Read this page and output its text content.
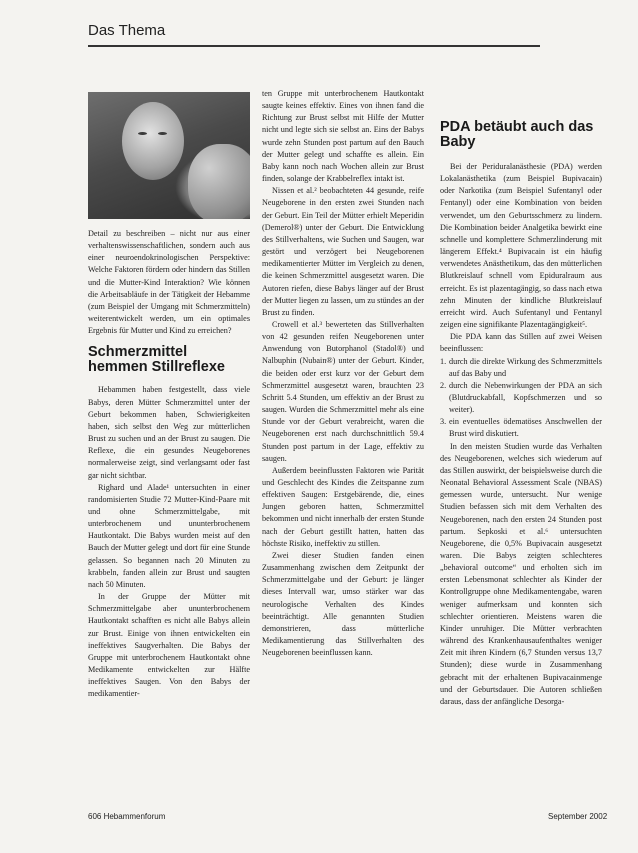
Das Thema

Detail zu beschreiben – nicht nur aus einer verhaltenswissenschaftlichen, sondern auch aus einer neuroendokrinologischen Perspektive: Welche Faktoren fördern oder hindern das Stillen und die Mutter-Kind Interaktion? Wie können die Arbeitsabläufe in der Tätigkeit der Hebamme (zum Beispiel der Umgang mit Schmerzmitteln) weiterentwickelt werden, um ein optimales Ergebnis für Mutter und Kind zu erreichen?

Schmerzmittel hemmen Stillreflexe

Hebammen haben festgestellt, dass viele Babys, deren Mütter Schmerzmittel unter der Geburt bekommen haben, Schwierigkeiten haben, sich selbst den Weg zur mütterlichen Brust zu suchen und an der Brust zu saugen. Die Reflexe, die ein gesundes Neugeborenes normalerweise zeigt, sind verlangsamt oder fast gar nicht sichtbar.

Righard und Alade¹ untersuchten in einer randomisierten Studie 72 Mutter-Kind-Paare mit und ohne Schmerzmittelgabe, mit unterbrochenem und ununterbrochenem Hautkontakt. Die Babys wurden meist auf den Bauch der Mutter gelegt und dort für eine Stunde gelassen. So begannen nach 20 Minuten zu krabbeln, fanden allein zur Brust und saugten nach 50 Minuten.

In der Gruppe der Mütter mit Schmerzmittelgabe aber ununterbrochenem Hautkontakt schafften es nicht alle Babys allein zur Brust. Einige von ihnen entwickelten ein ineffektives Saugverhalten. Die Babys der Gruppe mit unterbrochenem Hautkontakt ohne Medikamente entwickelten zur Hälfte ineffektives Saugen. Von den Babys der medikamentier-

ten Gruppe mit unterbrochenem Hautkontakt saugte keines effektiv. Eines von ihnen fand die Richtung zur Brust selbst mit Hilfe der Mutter nicht und legte sich sie selbst an. Eins der Babys wurde zehn Stunden post partum auf den Bauch der Mutter gelegt und schaffte es allein. Ein Baby kann noch nach Wochen allein zur Brust finden, solange der Krabbelreflex intakt ist.

Nissen et al.² beobachteten 44 gesunde, reife Neugeborene in den ersten zwei Stunden nach der Geburt. Ein Teil der Mütter erhielt Meperidin (Demerol®) unter der Geburt. Die Entwicklung des Stillverhaltens, wie Suchen und Saugen, war gestört und verzögert bei Neugeborenen medikamentierter Mütter im Vergleich zu denen, die keinen Schmerzmittel ausgesetzt waren. Die Autoren riefen, diese Babys länger auf der Brust der Mutter liegen zu lassen, um zu stündes an der Brust zu finden.

Crowell et al.³ bewerteten das Stillverhalten von 42 gesunden reifen Neugeborenen unter Anwendung von Butorphanol (Stadol®) und Nalbuphin (Nubain®) unter der Geburt. Kinder, die beiden oder erst kurz vor der Geburt dem Schmerzmittel ausgesetzt waren, brauchten 23 Schritt 5.4 Stunden, um effektiv an der Brust zu saugen. Wurden die Schmerzmittel mehr als eine Stunde vor der Geburt verabreicht, waren die Neugeborenen erst nach durchschnittlich 59.4 Stunden post partum in der Lage, effektiv zu saugen.

Außerdem beeinflussten Faktoren wie Parität und Geschlecht des Kindes die Zeitspanne zum effektiven Saugen: Erstgebärende, die, eines Jungen geboren hatten, Schmerzmittel bekommen und nicht innerhalb der ersten Stunde nach der Geburt gestillt hatten, hatten das höchste Risiko, ineffektiv zu stillen.

Zwei dieser Studien fanden einen Zusammenhang zwischen dem Zeitpunkt der Schmerzmittelgabe und der Geburt: je länger dieses Intervall war, umso stärker war das neurologische Verhalten des Kindes beeinträchtigt. Alle genannten Studien demonstrieren, dass mütterliche Medikamentierung das Stillverhalten des Neugeborenen beeinflussen kann.

PDA betäubt auch das Baby

Bei der Periduralanästhesie (PDA) werden Lokalanästhetika (zum Beispiel Bupivacain) oder Narkotika (zum Beispiel Sufentanyl oder Fentanyl) oder eine Kombination von beiden verwendet, um den Geburtsschmerz zu lindern. Die Kombination beider Analgetika bewirkt eine schnelle und komplettere Schmerzlinderung mit längerem Effekt.⁴ Bupivacain ist ein häufig verwendetes Anästhetikum, das den mütterlichen Blutkreislauf schnell vom Epiduralraum aus erreicht. Es ist plazentagängig, so dass nach etwa zehn Minuten der kindliche Blutkreislauf erreicht wird. Auch Sufentanyl und Fentanyl zeigen eine signifikante Plazentagängigkeit⁵.

Die PDA kann das Stillen auf zwei Weisen beeinflussen:

1. durch die direkte Wirkung des Schmerzmittels auf das Baby und
2. durch die Nebenwirkungen der PDA an sich (Blutdruckabfall, Kopfschmerzen und so weiter).
3. ein eventuelles ödematöses Anschwellen der Brust wird diskutiert.

In den meisten Studien wurde das Verhalten des Neugeborenen, welches sich wiederum auf das Stillen auswirkt, der beispielsweise durch die Neonatal Behavioral Assessment Scale (NBAS) gemessen wurde, untersucht. Nur wenige Studien befassen sich mit dem Verhalten des Neugeborenen, nach den ersten 24 Stunden post partum. Sepkoski et al.⁶ untersuchten Neugeborene, die 0,5% Bupivacain ausgesetzt waren. Die Babys zeigten schlechteres „behavioral outcome“ und erholten sich im ersten Lebensmonat schlechter als Kinder der Kontrollgruppe ohne Medikamentengabe, waren weniger aufmerksam und konnten sich schlechter orientieren. Meistens waren die Kinder unruhiger. Die Mütter verbrachten während des Krankenhausaufenthaltes weniger Zeit mit ihren Kindern (6,7 Stunden versus 13,7 Stunden); diese wurde in Zusammenhang gebracht mit der erhaltenen Bupivacainmenge und der Geburtsdauer. Die Autoren schließen daraus, dass der anfängliche Desorga-

606 Hebammenforum	September 2002
